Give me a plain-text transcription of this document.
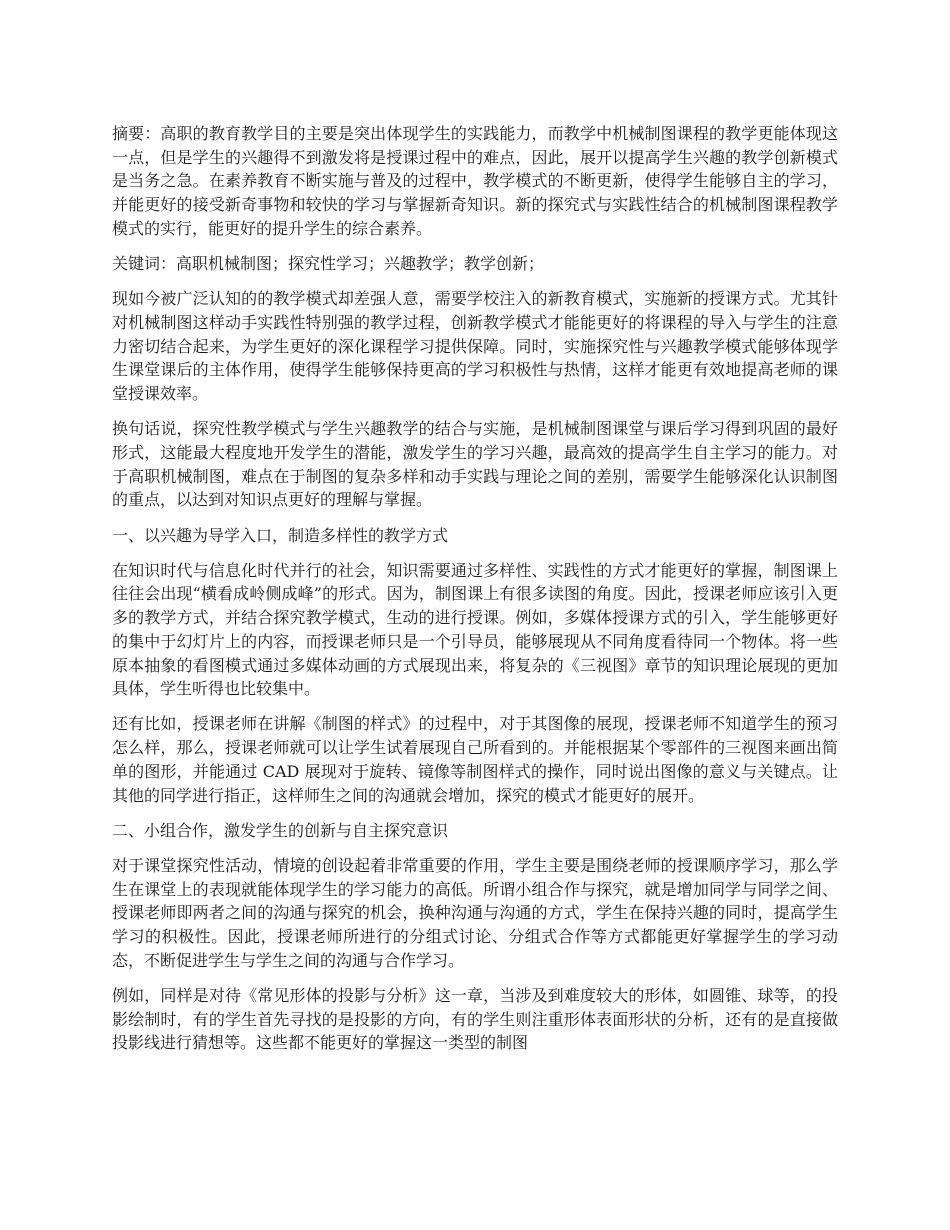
摘要：高职的教育教学目的主要是突出体现学生的实践能力，而教学中机械制图课程的教学更能体现这一点，但是学生的兴趣得不到激发将是授课过程中的难点，因此，展开以提高学生兴趣的教学创新模式是当务之急。在素养教育不断实施与普及的过程中，教学模式的不断更新，使得学生能够自主的学习，并能更好的接受新奇事物和较快的学习与掌握新奇知识。新的探究式与实践性结合的机械制图课程教学模式的实行，能更好的提升学生的综合素养。

关键词：高职机械制图；探究性学习；兴趣教学；教学创新；

现如今被广泛认知的的教学模式却差强人意，需要学校注入的新教育模式，实施新的授课方式。尤其针对机械制图这样动手实践性特别强的教学过程，创新教学模式才能能更好的将课程的导入与学生的注意力密切结合起来，为学生更好的深化课程学习提供保障。同时，实施探究性与兴趣教学模式能够体现学生课堂课后的主体作用，使得学生能够保持更高的学习积极性与热情，这样才能更有效地提高老师的课堂授课效率。

换句话说，探究性教学模式与学生兴趣教学的结合与实施，是机械制图课堂与课后学习得到巩固的最好形式，这能最大程度地开发学生的潜能，激发学生的学习兴趣，最高效的提高学生自主学习的能力。对于高职机械制图，难点在于制图的复杂多样和动手实践与理论之间的差别，需要学生能够深化认识制图的重点，以达到对知识点更好的理解与掌握。

一、以兴趣为导学入口，制造多样性的教学方式

在知识时代与信息化时代并行的社会，知识需要通过多样性、实践性的方式才能更好的掌握，制图课上往往会出现“横看成岭侧成峰”的形式。因为，制图课上有很多读图的角度。因此，授课老师应该引入更多的教学方式，并结合探究教学模式，生动的进行授课。例如，多媒体授课方式的引入，学生能够更好的集中于幻灯片上的内容，而授课老师只是一个引导员，能够展现从不同角度看待同一个物体。将一些原本抽象的看图模式通过多媒体动画的方式展现出来，将复杂的《三视图》章节的知识理论展现的更加具体，学生听得也比较集中。

还有比如，授课老师在讲解《制图的样式》的过程中，对于其图像的展现，授课老师不知道学生的预习怎么样，那么，授课老师就可以让学生试着展现自己所看到的。并能根据某个零部件的三视图来画出简单的图形，并能通过 CAD 展现对于旋转、镜像等制图样式的操作，同时说出图像的意义与关键点。让其他的同学进行指正，这样师生之间的沟通就会增加，探究的模式才能更好的展开。

二、小组合作，激发学生的创新与自主探究意识

对于课堂探究性活动，情境的创设起着非常重要的作用，学生主要是围绕老师的授课顺序学习，那么学生在课堂上的表现就能体现学生的学习能力的高低。所谓小组合作与探究，就是增加同学与同学之间、授课老师即两者之间的沟通与探究的机会，换种沟通与沟通的方式，学生在保持兴趣的同时，提高学生学习的积极性。因此，授课老师所进行的分组式讨论、分组式合作等方式都能更好掌握学生的学习动态，不断促进学生与学生之间的沟通与合作学习。

例如，同样是对待《常见形体的投影与分析》这一章，当涉及到难度较大的形体，如圆锥、球等，的投影绘制时，有的学生首先寻找的是投影的方向，有的学生则注重形体表面形状的分析，还有的是直接做投影线进行猜想等。这些都不能更好的掌握这一类型的制图
